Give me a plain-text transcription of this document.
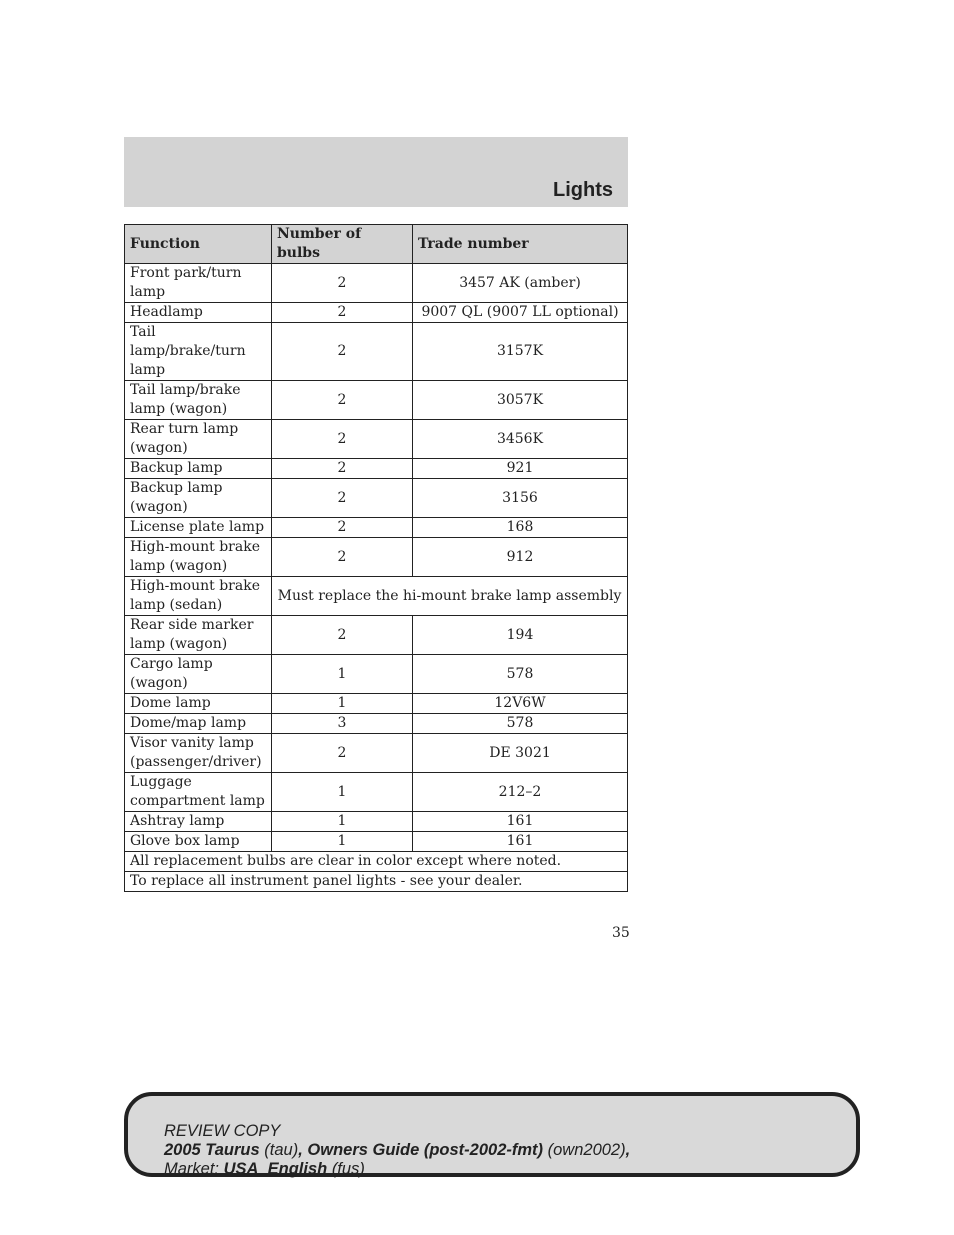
Lights
Function	Number of bulbs	Trade number
Front park/turn lamp	2	3457 AK (amber)
Headlamp	2	9007 QL (9007 LL optional)
Tail lamp/brake/turn lamp	2	3157K
Tail lamp/brake lamp (wagon)	2	3057K
Rear turn lamp (wagon)	2	3456K
Backup lamp	2	921
Backup lamp (wagon)	2	3156
License plate lamp	2	168
High-mount brake lamp (wagon)	2	912
High-mount brake lamp (sedan)	Must replace the hi-mount brake lamp assembly	
Rear side marker lamp (wagon)	2	194
Cargo lamp (wagon)	1	578
Dome lamp	1	12V6W
Dome/map lamp	3	578
Visor vanity lamp (passenger/driver)	2	DE 3021
Luggage compartment lamp	1	212–2
Ashtray lamp	1	161
Glove box lamp	1	161
All replacement bulbs are clear in color except where noted.		
To replace all instrument panel lights - see your dealer.		
35
REVIEW COPY
2005 Taurus (tau), Owners Guide (post-2002-fmt) (own2002),
Market: USA_English (fus)
